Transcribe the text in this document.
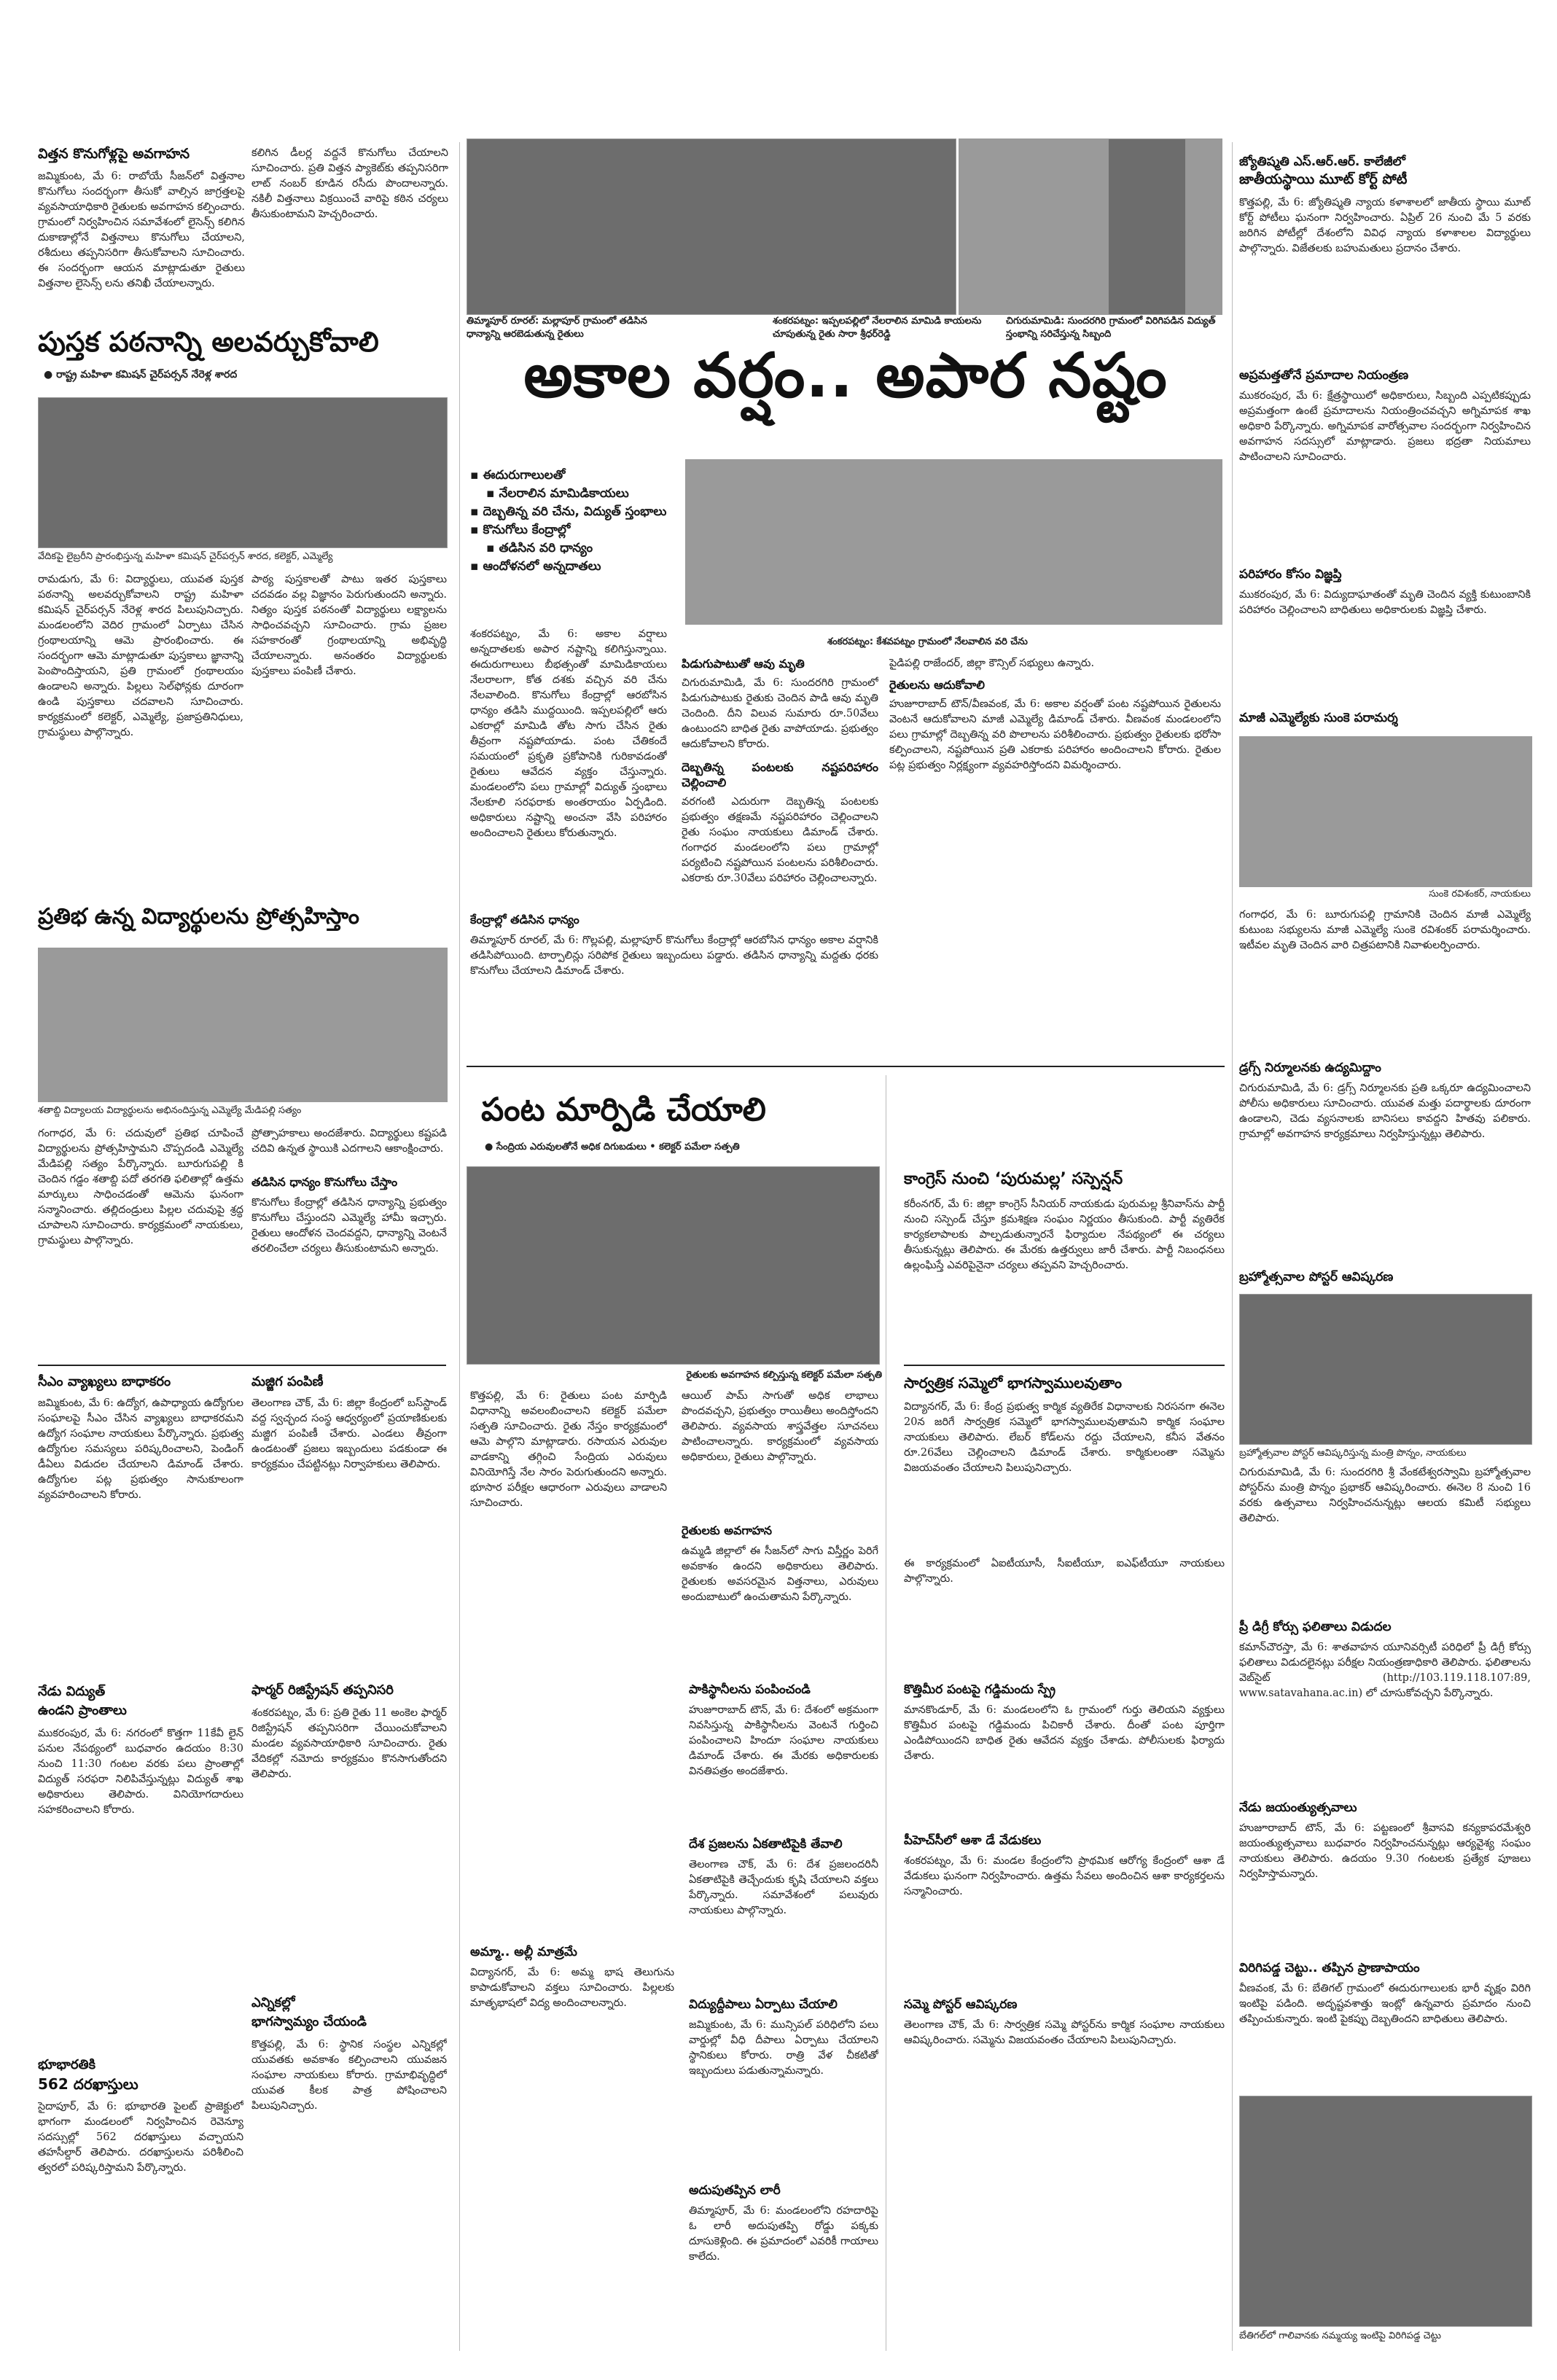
విత్తన కొనుగోళ్లపై అవగాహన
జమ్మికుంట, మే 6: రాబోయే సీజన్‌లో విత్తనాల కొనుగోలు సందర్భంగా తీసుకో వాల్సిన జాగ్రత్తలపై వ్యవసాయాధికారి రైతులకు అవగాహన కల్పించారు. గ్రామంలో నిర్వహించిన సమావేశంలో లైసెన్స్ కలిగిన దుకాణాల్లోనే విత్తనాలు కొనుగోలు చేయాలని, రశీదులు తప్పనిసరిగా తీసుకోవాలని సూచించారు. ఈ సందర్భంగా ఆయన మాట్లాడుతూ రైతులు విత్తనాల లైసెన్స్ లను తనిఖీ చేయాలన్నారు.
పుస్తక పఠనాన్ని అలవర్చుకోవాలి
● రాష్ట్ర మహిళా కమిషన్ చైర్‌పర్సన్ నేరెళ్ల శారద
వేదికపై లైబ్రరీని ప్రారంభిస్తున్న మహిళా కమిషన్ చైర్‌పర్సన్ శారద, కలెక్టర్, ఎమ్మెల్యే
రామడుగు, మే 6: విద్యార్థులు, యువత పుస్తక పఠనాన్ని అలవర్చుకోవాలని రాష్ట్ర మహిళా కమిషన్ చైర్‌పర్సన్ నేరెళ్ల శారద పిలుపునిచ్చారు. మండలంలోని వెదిర గ్రామంలో ఏర్పాటు చేసిన గ్రంథాలయాన్ని ఆమె ప్రారంభించారు. ఈ సందర్భంగా ఆమె మాట్లాడుతూ పుస్తకాలు జ్ఞానాన్ని పెంపొందిస్తాయని, ప్రతి గ్రామంలో గ్రంథాలయం ఉండాలని అన్నారు. పిల్లలు సెల్‌ఫోన్లకు దూరంగా ఉండి పుస్తకాలు చదవాలని సూచించారు. కార్యక్రమంలో కలెక్టర్, ఎమ్మెల్యే, ప్రజాప్రతినిధులు, గ్రామస్థులు పాల్గొన్నారు.
ప్రతిభ ఉన్న విద్యార్థులను ప్రోత్సహిస్తాం
శతాబ్ది విద్యాలయ విద్యార్థులను అభినందిస్తున్న ఎమ్మెల్యే మేడిపల్లి సత్యం
గంగాధర, మే 6: చదువులో ప్రతిభ చూపించే విద్యార్థులను ప్రోత్సహిస్తామని చొప్పదండి ఎమ్మెల్యే మేడిపల్లి సత్యం పేర్కొన్నారు. బూరుగుపల్లి కి చెందిన గడ్డం శతాబ్ది పదో తరగతి ఫలితాల్లో ఉత్తమ మార్కులు సాధించడంతో ఆమెను ఘనంగా సన్మానించారు. తల్లిదండ్రులు పిల్లల చదువుపై శ్రద్ధ చూపాలని సూచించారు. కార్యక్రమంలో నాయకులు, గ్రామస్థులు పాల్గొన్నారు.
సీఎం వ్యాఖ్యలు బాధాకరం
జమ్మికుంట, మే 6: ఉద్యోగ, ఉపాధ్యాయ ఉద్యోగుల సంఘాలపై సీఎం చేసిన వ్యాఖ్యలు బాధాకరమని ఉద్యోగ సంఘాల నాయకులు పేర్కొన్నారు. ప్రభుత్వ ఉద్యోగుల సమస్యలు పరిష్కరించాలని, పెండింగ్ డీఏలు విడుదల చేయాలని డిమాండ్ చేశారు. ఉద్యోగుల పట్ల ప్రభుత్వం సానుకూలంగా వ్యవహరించాలని కోరారు.
నేడు విద్యుత్
ఉండని ప్రాంతాలు
ముకరంపుర, మే 6: నగరంలో కొత్తగా 11కేవీ లైన్ పనుల నేపథ్యంలో బుధవారం ఉదయం 8:30 నుంచి 11:30 గంటల వరకు పలు ప్రాంతాల్లో విద్యుత్ సరఫరా నిలిపివేస్తున్నట్లు విద్యుత్ శాఖ అధికారులు తెలిపారు. వినియోగదారులు సహకరించాలని కోరారు.
భూభారతికి
562 దరఖాస్తులు
సైదాపూర్, మే 6: భూభారతి పైలట్ ప్రాజెక్టులో భాగంగా మండలంలో నిర్వహించిన రెవెన్యూ సదస్సుల్లో 562 దరఖాస్తులు వచ్చాయని తహసీల్దార్ తెలిపారు. దరఖాస్తులను పరిశీలించి త్వరలో పరిష్కరిస్తామని పేర్కొన్నారు.
కలిగిన డీలర్ల వద్దనే కొనుగోలు చేయాలని సూచించారు. ప్రతి విత్తన ప్యాకెట్‌కు తప్పనిసరిగా లాట్ నంబర్ కూడిన రసీదు పొందాలన్నారు. నకిలీ విత్తనాలు విక్రయించే వారిపై కఠిన చర్యలు తీసుకుంటామని హెచ్చరించారు.
పాఠ్య పుస్తకాలతో పాటు ఇతర పుస్తకాలు చదవడం వల్ల విజ్ఞానం పెరుగుతుందని అన్నారు. నిత్యం పుస్తక పఠనంతో విద్యార్థులు లక్ష్యాలను సాధించవచ్చని సూచించారు. గ్రామ ప్రజల సహకారంతో గ్రంథాలయాన్ని అభివృద్ధి చేయాలన్నారు. అనంతరం విద్యార్థులకు పుస్తకాలు పంపిణీ చేశారు.
ప్రోత్సాహకాలు అందజేశారు. విద్యార్థులు కష్టపడి చదివి ఉన్నత స్థాయికి ఎదగాలని ఆకాంక్షించారు.
తడిసిన ధాన్యం కొనుగోలు చేస్తాం
కొనుగోలు కేంద్రాల్లో తడిసిన ధాన్యాన్ని ప్రభుత్వం కొనుగోలు చేస్తుందని ఎమ్మెల్యే హామీ ఇచ్చారు. రైతులు ఆందోళన చెందవద్దని, ధాన్యాన్ని వెంటనే తరలించేలా చర్యలు తీసుకుంటామని అన్నారు.
మజ్జిగ పంపిణీ
తెలంగాణ చౌక్, మే 6: జిల్లా కేంద్రంలో బస్‌స్టాండ్ వద్ద స్వచ్ఛంద సంస్థ ఆధ్వర్యంలో ప్రయాణికులకు మజ్జిగ పంపిణీ చేశారు. ఎండలు తీవ్రంగా ఉండటంతో ప్రజలు ఇబ్బందులు పడకుండా ఈ కార్యక్రమం చేపట్టినట్లు నిర్వాహకులు తెలిపారు.
ఫార్మర్ రిజిస్ట్రేషన్ తప్పనిసరి
శంకరపట్నం, మే 6: ప్రతి రైతు 11 అంకెల ఫార్మర్ రిజిస్ట్రేషన్ తప్పనిసరిగా చేయించుకోవాలని మండల వ్యవసాయాధికారి సూచించారు. రైతు వేదికల్లో నమోదు కార్యక్రమం కొనసాగుతోందని తెలిపారు.
ఎన్నికల్లో
భాగస్వామ్యం చేయండి
కొత్తపల్లి, మే 6: స్థానిక సంస్థల ఎన్నికల్లో యువతకు అవకాశం కల్పించాలని యువజన సంఘాల నాయకులు కోరారు. గ్రామాభివృద్ధిలో యువత కీలక పాత్ర పోషించాలని పిలుపునిచ్చారు.
తిమ్మాపూర్ రూరల్: మల్లాపూర్ గ్రామంలో తడిసిన ధాన్యాన్ని ఆరబెడుతున్న రైతులు
శంకరపట్నం: ఇప్పలపల్లిలో నేలరాలిన మామిడి కాయలను చూపుతున్న రైతు సారా శ్రీధర్‌రెడ్డి
చిగురుమామిడి: సుందరగిరి గ్రామంలో విరిగిపడిన విద్యుత్ స్తంభాన్ని సరిచేస్తున్న సిబ్బంది
అకాల వర్షం.. అపార నష్టం
▪ ఈదురుగాలులతో
▪ నేలరాలిన మామిడికాయలు
▪ దెబ్బతిన్న వరి చేను, విద్యుత్ స్తంభాలు
▪ కొనుగోలు కేంద్రాల్లో
▪ తడిసిన వరి ధాన్యం
▪ ఆందోళనలో అన్నదాతలు
శంకరపట్నం: కేశవపట్నం గ్రామంలో నేలవాలిన వరి చేను
శంకరపట్నం, మే 6: అకాల వర్షాలు అన్నదాతలకు అపార నష్టాన్ని కలిగిస్తున్నాయి. ఈదురుగాలులు బీభత్సంతో మామిడికాయలు నేలరాలగా, కోత దశకు వచ్చిన వరి చేను నేలవాలింది. కొనుగోలు కేంద్రాల్లో ఆరబోసిన ధాన్యం తడిసి ముద్దయింది. ఇప్పలపల్లిలో ఆరు ఎకరాల్లో మామిడి తోట సాగు చేసిన రైతు తీవ్రంగా నష్టపోయాడు. పంట చేతికందే సమయంలో ప్రకృతి ప్రకోపానికి గురికావడంతో రైతులు ఆవేదన వ్యక్తం చేస్తున్నారు. మండలంలోని పలు గ్రామాల్లో విద్యుత్ స్తంభాలు నేలకూలి సరఫరాకు అంతరాయం ఏర్పడింది. అధికారులు నష్టాన్ని అంచనా వేసి పరిహారం అందించాలని రైతులు కోరుతున్నారు.
కేంద్రాల్లో తడిసిన ధాన్యం
తిమ్మాపూర్ రూరల్, మే 6: గొల్లపల్లి, మల్లాపూర్ కొనుగోలు కేంద్రాల్లో ఆరబోసిన ధాన్యం అకాల వర్షానికి తడిసిపోయింది. టార్పాలిన్లు సరిపోక రైతులు ఇబ్బందులు పడ్డారు. తడిసిన ధాన్యాన్ని మద్దతు ధరకు కొనుగోలు చేయాలని డిమాండ్ చేశారు.
పిడుగుపాటుతో ఆవు మృతి
చిగురుమామిడి, మే 6: సుందరగిరి గ్రామంలో పిడుగుపాటుకు రైతుకు చెందిన పాడి ఆవు మృతి చెందింది. దీని విలువ సుమారు రూ.50వేలు ఉంటుందని బాధిత రైతు వాపోయాడు. ప్రభుత్వం ఆదుకోవాలని కోరారు.
దెబ్బతిన్న పంటలకు నష్టపరిహారం చెల్లించాలి
వరగంటి ఎదురుగా దెబ్బతిన్న పంటలకు ప్రభుత్వం తక్షణమే నష్టపరిహారం చెల్లించాలని రైతు సంఘం నాయకులు డిమాండ్ చేశారు. గంగాధర మండలంలోని పలు గ్రామాల్లో పర్యటించి నష్టపోయిన పంటలను పరిశీలించారు. ఎకరాకు రూ.30వేలు పరిహారం చెల్లించాలన్నారు.
పైడిపల్లి రాజేందర్, జిల్లా కౌన్సిల్ సభ్యులు ఉన్నారు.
రైతులను ఆదుకోవాలి
హుజూరాబాద్ టౌన్/వీణవంక, మే 6: అకాల వర్షంతో పంట నష్టపోయిన రైతులను వెంటనే ఆదుకోవాలని మాజీ ఎమ్మెల్యే డిమాండ్ చేశారు. వీణవంక మండలంలోని పలు గ్రామాల్లో దెబ్బతిన్న వరి పొలాలను పరిశీలించారు. ప్రభుత్వం రైతులకు భరోసా కల్పించాలని, నష్టపోయిన ప్రతి ఎకరాకు పరిహారం అందించాలని కోరారు. రైతుల పట్ల ప్రభుత్వం నిర్లక్ష్యంగా వ్యవహరిస్తోందని విమర్శించారు.
పంట మార్పిడి చేయాలి
● సేంద్రియ ఎరువులతోనే అధిక దిగుబడులు • కలెక్టర్ పమేలా సత్పతి
రైతులకు అవగాహన కల్పిస్తున్న కలెక్టర్ పమేలా సత్పతి
కొత్తపల్లి, మే 6: రైతులు పంట మార్పిడి విధానాన్ని అవలంబించాలని కలెక్టర్ పమేలా సత్పతి సూచించారు. రైతు నేస్తం కార్యక్రమంలో ఆమె పాల్గొని మాట్లాడారు. రసాయన ఎరువుల వాడకాన్ని తగ్గించి సేంద్రియ ఎరువులు వినియోగిస్తే నేల సారం పెరుగుతుందని అన్నారు. భూసార పరీక్షల ఆధారంగా ఎరువులు వాడాలని సూచించారు.
ఆయిల్ పామ్ సాగుతో అధిక లాభాలు పొందవచ్చని, ప్రభుత్వం రాయితీలు అందిస్తోందని తెలిపారు. వ్యవసాయ శాస్త్రవేత్తల సూచనలు పాటించాలన్నారు. కార్యక్రమంలో వ్యవసాయ అధికారులు, రైతులు పాల్గొన్నారు.
రైతులకు అవగాహన
ఉమ్మడి జిల్లాలో ఈ సీజన్‌లో సాగు విస్తీర్ణం పెరిగే అవకాశం ఉందని అధికారులు తెలిపారు. రైతులకు అవసరమైన విత్తనాలు, ఎరువులు అందుబాటులో ఉంచుతామని పేర్కొన్నారు.
కాంగ్రెస్ నుంచి ‘పురుమల్ల’ సస్పెన్షన్
కరీంనగర్, మే 6: జిల్లా కాంగ్రెస్ సీనియర్ నాయకుడు పురుమల్ల శ్రీనివాస్‌ను పార్టీ నుంచి సస్పెండ్ చేస్తూ క్రమశిక్షణ సంఘం నిర్ణయం తీసుకుంది. పార్టీ వ్యతిరేక కార్యకలాపాలకు పాల్పడుతున్నారనే ఫిర్యాదుల నేపథ్యంలో ఈ చర్యలు తీసుకున్నట్లు తెలిపారు. ఈ మేరకు ఉత్తర్వులు జారీ చేశారు. పార్టీ నిబంధనలు ఉల్లంఘిస్తే ఎవరిపైనైనా చర్యలు తప్పవని హెచ్చరించారు.
సార్వత్రిక సమ్మెలో భాగస్వాములవుతాం
విద్యానగర్, మే 6: కేంద్ర ప్రభుత్వ కార్మిక వ్యతిరేక విధానాలకు నిరసనగా ఈనెల 20న జరిగే సార్వత్రిక సమ్మెలో భాగస్వాములవుతామని కార్మిక సంఘాల నాయకులు తెలిపారు. లేబర్ కోడ్‌లను రద్దు చేయాలని, కనీస వేతనం రూ.26వేలు చెల్లించాలని డిమాండ్ చేశారు. కార్మికులంతా సమ్మెను విజయవంతం చేయాలని పిలుపునిచ్చారు.
ఈ కార్యక్రమంలో ఏఐటీయూసీ, సీఐటీయూ, ఐఎఫ్‌టీయూ నాయకులు పాల్గొన్నారు.
పాకిస్థానీలను పంపించండి
హుజూరాబాద్ టౌన్, మే 6: దేశంలో అక్రమంగా నివసిస్తున్న పాకిస్థానీలను వెంటనే గుర్తించి పంపించాలని హిందూ సంఘాల నాయకులు డిమాండ్ చేశారు. ఈ మేరకు అధికారులకు వినతిపత్రం అందజేశారు.
దేశ ప్రజలను ఏకతాటిపైకి తేవాలి
తెలంగాణ చౌక్, మే 6: దేశ ప్రజలందరినీ ఏకతాటిపైకి తెచ్చేందుకు కృషి చేయాలని వక్తలు పేర్కొన్నారు. సమావేశంలో పలువురు నాయకులు పాల్గొన్నారు.
కొత్తిమీర పంటపై గడ్డిమందు స్ప్రే
మానకొండూర్, మే 6: మండలంలోని ఓ గ్రామంలో గుర్తు తెలియని వ్యక్తులు కొత్తిమీర పంటపై గడ్డిమందు పిచికారీ చేశారు. దీంతో పంట పూర్తిగా ఎండిపోయిందని బాధిత రైతు ఆవేదన వ్యక్తం చేశాడు. పోలీసులకు ఫిర్యాదు చేశారు.
పీహెచ్‌సీలో ఆశా డే వేడుకలు
శంకరపట్నం, మే 6: మండల కేంద్రంలోని ప్రాథమిక ఆరోగ్య కేంద్రంలో ఆశా డే వేడుకలు ఘనంగా నిర్వహించారు. ఉత్తమ సేవలు అందించిన ఆశా కార్యకర్తలను సన్మానించారు.
అమ్మా.. అల్లీ మాత్రమే
విద్యానగర్, మే 6: అమ్మ భాష తెలుగును కాపాడుకోవాలని వక్తలు సూచించారు. పిల్లలకు మాతృభాషలో విద్య అందించాలన్నారు.	విద్యుద్దీపాలు ఏర్పాటు చేయాలి
జమ్మికుంట, మే 6: మున్సిపల్ పరిధిలోని పలు వార్డుల్లో వీధి దీపాలు ఏర్పాటు చేయాలని స్థానికులు కోరారు. రాత్రి వేళ చీకటితో ఇబ్బందులు పడుతున్నామన్నారు.
అదుపుతప్పిన లారీ
తిమ్మాపూర్, మే 6: మండలంలోని రహదారిపై ఓ లారీ అదుపుతప్పి రోడ్డు పక్కకు దూసుకెళ్లింది. ఈ ప్రమాదంలో ఎవరికీ గాయాలు కాలేదు.
సమ్మె పోస్టర్ ఆవిష్కరణ
తెలంగాణ చౌక్, మే 6: సార్వత్రిక సమ్మె పోస్టర్‌ను కార్మిక సంఘాల నాయకులు ఆవిష్కరించారు. సమ్మెను విజయవంతం చేయాలని పిలుపునిచ్చారు.
జ్యోతిష్మతి ఎస్.ఆర్.ఆర్. కాలేజీలో
జాతీయస్థాయి మూట్ కోర్ట్ పోటీ
కొత్తపల్లి, మే 6: జ్యోతిష్మతి న్యాయ కళాశాలలో జాతీయ స్థాయి మూట్ కోర్ట్ పోటీలు ఘనంగా నిర్వహించారు. ఏప్రిల్ 26 నుంచి మే 5 వరకు జరిగిన పోటీల్లో దేశంలోని వివిధ న్యాయ కళాశాలల విద్యార్థులు పాల్గొన్నారు. విజేతలకు బహుమతులు ప్రదానం చేశారు.
అప్రమత్తతోనే ప్రమాదాల నియంత్రణ
ముకరంపుర, మే 6: క్షేత్రస్థాయిలో అధికారులు, సిబ్బంది ఎప్పటికప్పుడు అప్రమత్తంగా ఉంటే ప్రమాదాలను నియంత్రించవచ్చని అగ్నిమాపక శాఖ అధికారి పేర్కొన్నారు. అగ్నిమాపక వారోత్సవాల సందర్భంగా నిర్వహించిన అవగాహన సదస్సులో మాట్లాడారు. ప్రజలు భద్రతా నియమాలు పాటించాలని సూచించారు.
పరిహారం కోసం విజ్ఞప్తి
ముకరంపుర, మే 6: విద్యుదాఘాతంతో మృతి చెందిన వ్యక్తి కుటుంబానికి పరిహారం చెల్లించాలని బాధితులు అధికారులకు విజ్ఞప్తి చేశారు.
మాజీ ఎమ్మెల్యేకు సుంకె పరామర్శ
సుంకె రవిశంకర్, నాయకులు
గంగాధర, మే 6: బూరుగుపల్లి గ్రామానికి చెందిన మాజీ ఎమ్మెల్యే కుటుంబ సభ్యులను మాజీ ఎమ్మెల్యే సుంకె రవిశంకర్ పరామర్శించారు. ఇటీవల మృతి చెందిన వారి చిత్రపటానికి నివాళులర్పించారు.
డ్రగ్స్ నిర్మూలనకు ఉద్యమిద్దాం
చిగురుమామిడి, మే 6: డ్రగ్స్ నిర్మూలనకు ప్రతి ఒక్కరూ ఉద్యమించాలని పోలీసు అధికారులు సూచించారు. యువత మత్తు పదార్థాలకు దూరంగా ఉండాలని, చెడు వ్యసనాలకు బానిసలు కావద్దని హితవు పలికారు. గ్రామాల్లో అవగాహన కార్యక్రమాలు నిర్వహిస్తున్నట్లు తెలిపారు.
బ్రహ్మోత్సవాల పోస్టర్ ఆవిష్కరణ
బ్రహ్మోత్సవాల పోస్టర్ ఆవిష్కరిస్తున్న మంత్రి పొన్నం, నాయకులు
చిగురుమామిడి, మే 6: సుందరగిరి శ్రీ వేంకటేశ్వరస్వామి బ్రహ్మోత్సవాల పోస్టర్‌ను మంత్రి పొన్నం ప్రభాకర్ ఆవిష్కరించారు. ఈనెల 8 నుంచి 16 వరకు ఉత్సవాలు నిర్వహించనున్నట్లు ఆలయ కమిటీ సభ్యులు తెలిపారు.
ప్రీ డిగ్రీ కోర్సు ఫలితాలు విడుదల
కమాన్‌చౌరస్తా, మే 6: శాతవాహన యూనివర్సిటీ పరిధిలో ప్రీ డిగ్రీ కోర్సు ఫలితాలు విడుదలైనట్లు పరీక్షల నియంత్రణాధికారి తెలిపారు. ఫలితాలను వెబ్‌సైట్ (http://103.119.118.107:89, www.satavahana.ac.in) లో చూసుకోవచ్చని పేర్కొన్నారు.
నేడు జయంత్యుత్సవాలు
హుజూరాబాద్ టౌన్, మే 6: పట్టణంలో శ్రీవాసవి కన్యకాపరమేశ్వరి జయంత్యుత్సవాలు బుధవారం నిర్వహించనున్నట్లు ఆర్యవైశ్య సంఘం నాయకులు తెలిపారు. ఉదయం 9.30 గంటలకు ప్రత్యేక పూజలు నిర్వహిస్తామన్నారు.
విరిగిపడ్డ చెట్టు.. తప్పిన ప్రాణాపాయం
వీణవంక, మే 6: బేతిగల్ గ్రామంలో ఈదురుగాలులకు భారీ వృక్షం విరిగి ఇంటిపై పడింది. అదృష్టవశాత్తు ఇంట్లో ఉన్నవారు ప్రమాదం నుంచి తప్పించుకున్నారు. ఇంటి పైకప్పు దెబ్బతిందని బాధితులు తెలిపారు.
బేతిగల్‌లో గాలివానకు నమ్మయ్య ఇంటిపై విరిగిపడ్డ చెట్టు
